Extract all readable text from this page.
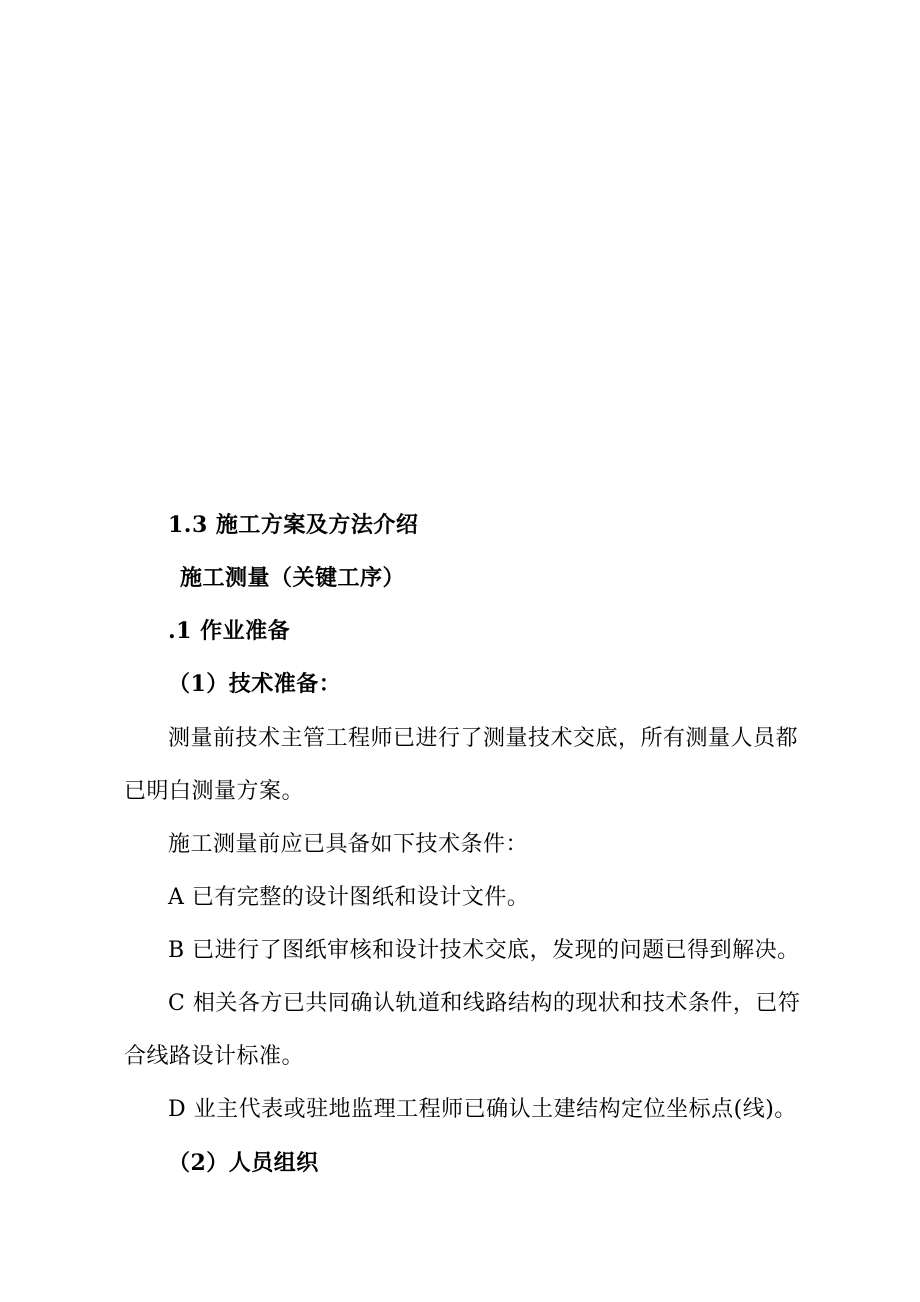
1.3 施工方案及方法介绍
施工测量（关键工序）
.1 作业准备
（1）技术准备：
测量前技术主管工程师已进行了测量技术交底，所有测量人员都
已明白测量方案。
施工测量前应已具备如下技术条件：
A 已有完整的设计图纸和设计文件。
B 已进行了图纸审核和设计技术交底，发现的问题已得到解决。
C 相关各方已共同确认轨道和线路结构的现状和技术条件，已符
合线路设计标准。
D 业主代表或驻地监理工程师已确认土建结构定位坐标点(线)。
（2）人员组织
